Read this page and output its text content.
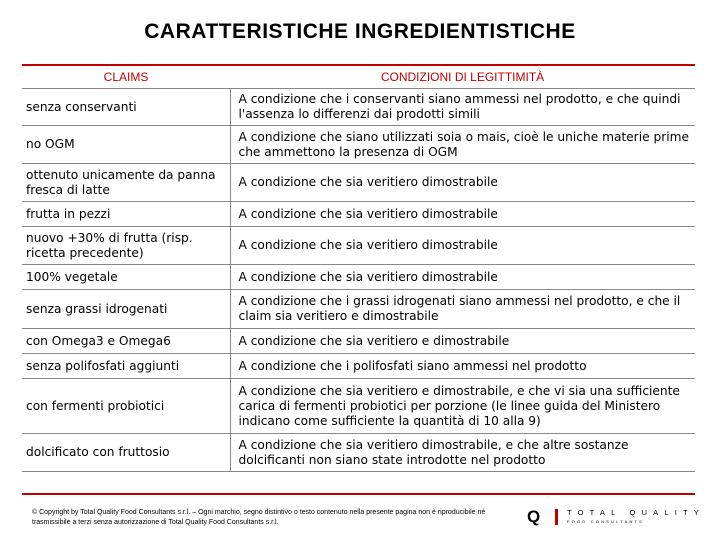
CARATTERISTICHE INGREDIENTISTICHE
CLAIMS	CONDIZIONI DI LEGITTIMITÀ
senza conservanti	A condizione che i conservanti siano ammessi nel prodotto, e che quindi l'assenza lo differenzi dai prodotti simili
no OGM	A condizione che siano utilizzati soia o mais, cioè le uniche materie prime che ammettono la presenza di OGM
ottenuto unicamente da panna fresca di latte	A condizione che sia veritiero dimostrabile
frutta in pezzi	A condizione che sia veritiero dimostrabile
nuovo +30% di frutta (risp. ricetta precedente)	A condizione che sia veritiero dimostrabile
100% vegetale	A condizione che sia veritiero dimostrabile
senza grassi idrogenati	A condizione che i grassi idrogenati siano ammessi nel prodotto, e che il claim sia veritiero e dimostrabile
con Omega3 e Omega6	A condizione che sia veritiero e dimostrabile
senza polifosfati aggiunti	A condizione che i polifosfati siano ammessi nel prodotto
con fermenti probiotici	A condizione che sia veritiero e dimostrabile, e che vi sia una sufficiente carica di fermenti probiotici per porzione (le linee guida del Ministero indicano come sufficiente la quantità di 10 alla 9)
dolcificato con fruttosio	A condizione che sia veritiero dimostrabile, e che altre sostanze dolcificanti non siano state introdotte nel prodotto
© Copyright by Total Quality Food Consultants s.r.l. – Ogni marchio, segno distintivo o testo contenuto nella presente pagina non è riproducibile né trasmissibile a terzi senza autorizzazione di Total Quality Food Consultants s.r.l.	Q	TOTAL QUALITY
FOOD CONSULTANTS
